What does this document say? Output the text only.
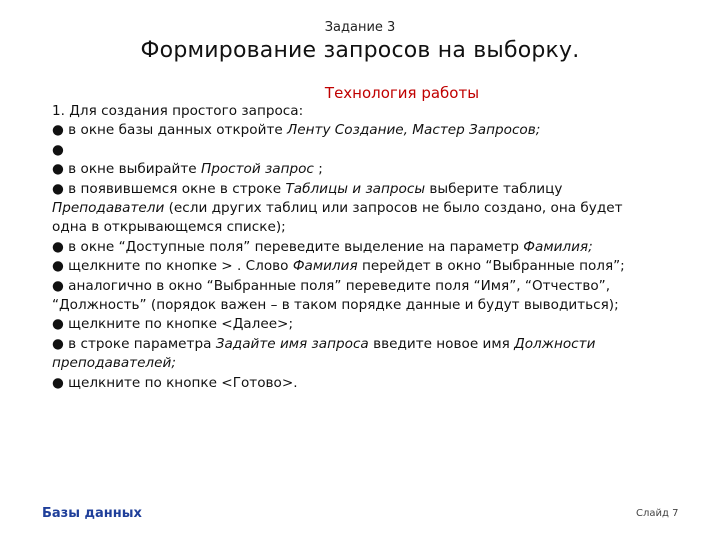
Задание 3
Формирование запросов на выборку.
Технология работы
1. Для создания простого запроса:
● в окне базы данных откройте Ленту Создание, Мастер Запросов;
●
● в окне выбирайте Простой запрос ;
● в появившемся окне в строке Таблицы и запросы выберите таблицу
Преподаватели (если других таблиц или запросов не было создано, она будет
одна в открывающемся списке);
● в окне “Доступные поля” переведите выделение на параметр Фамилия;
● щелкните по кнопке > . Слово Фамилия перейдет в окно “Выбранные поля”;
● аналогично в окно “Выбранные поля” переведите поля “Имя”, “Отчество”,
“Должность” (порядок важен – в таком порядке данные и будут выводиться);
● щелкните по кнопке <Далее>;
● в строке параметра Задайте имя запроса введите новое имя Должности
преподавателей;
● щелкните по кнопке <Готово>.
Базы данных	Слайд 7
